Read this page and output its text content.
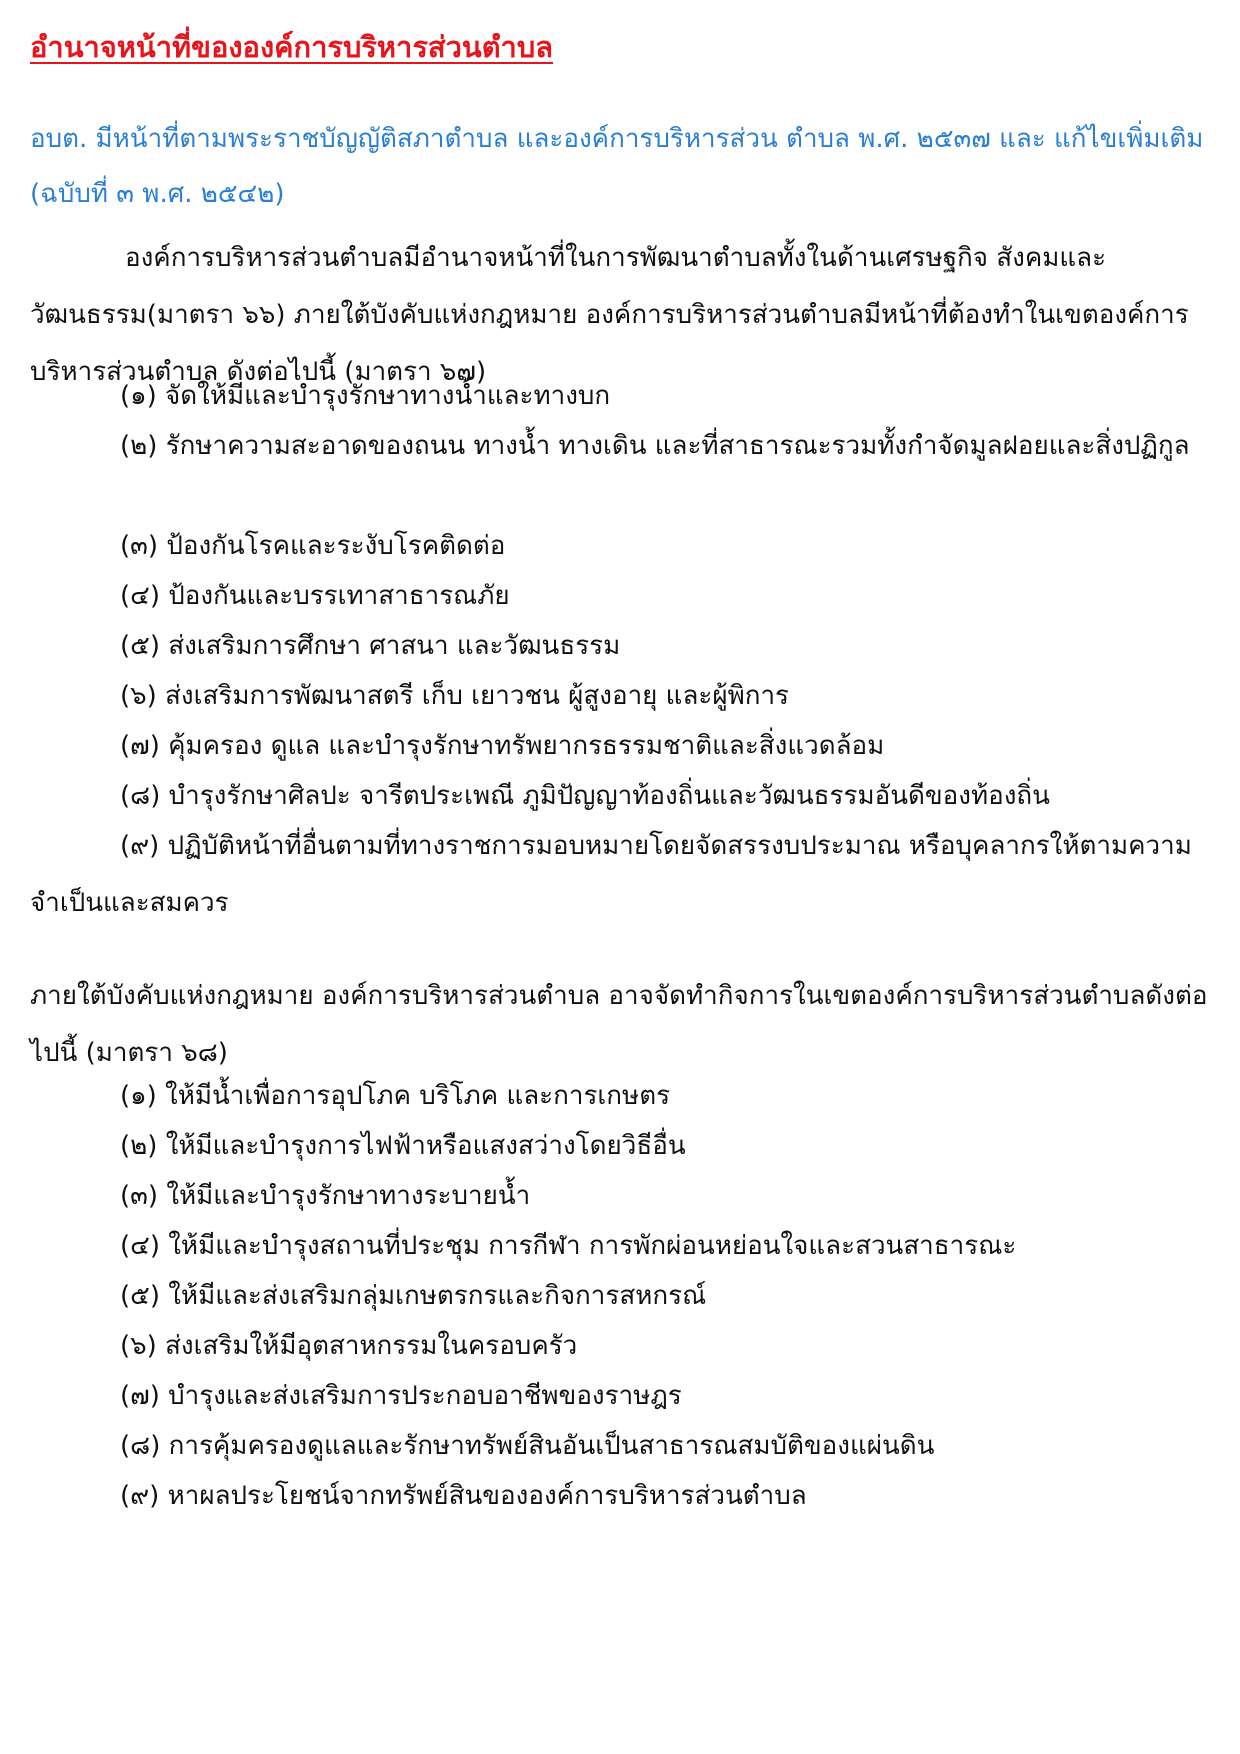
อำนาจหน้าที่ขององค์การบริหารส่วนตำบล
อบต. มีหน้าที่ตามพระราชบัญญัติสภาตำบล และองค์การบริหารส่วน ตำบล พ.ศ. ๒๕๓๗ และ แก้ไขเพิ่มเติม (ฉบับที่ ๓ พ.ศ. ๒๕๔๒)
องค์การบริหารส่วนตำบลมีอำนาจหน้าที่ในการพัฒนาตำบลทั้งในด้านเศรษฐกิจ สังคมและวัฒนธรรม(มาตรา ๖๖) ภายใต้บังคับแห่งกฎหมาย องค์การบริหารส่วนตำบลมีหน้าที่ต้องทำในเขตองค์การบริหารส่วนตำบล ดังต่อไปนี้ (มาตรา ๖๗)
(๑) จัดให้มีและบำรุงรักษาทางน้ำและทางบก
(๒) รักษาความสะอาดของถนน ทางน้ำ ทางเดิน และที่สาธารณะรวมทั้งกำจัดมูลฝอยและสิ่งปฏิกูล
(๓) ป้องกันโรคและระงับโรคติดต่อ
(๔) ป้องกันและบรรเทาสาธารณภัย
(๕) ส่งเสริมการศึกษา ศาสนา และวัฒนธรรม
(๖) ส่งเสริมการพัฒนาสตรี เก็บ เยาวชน ผู้สูงอายุ และผู้พิการ
(๗) คุ้มครอง ดูแล และบำรุงรักษาทรัพยากรธรรมชาติและสิ่งแวดล้อม
(๘) บำรุงรักษาศิลปะ จารีตประเพณี ภูมิปัญญาท้องถิ่นและวัฒนธรรมอันดีของท้องถิ่น
(๙) ปฏิบัติหน้าที่อื่นตามที่ทางราชการมอบหมายโดยจัดสรรงบประมาณ หรือบุคลากรให้ตามความจำเป็นและสมควร
ภายใต้บังคับแห่งกฎหมาย องค์การบริหารส่วนตำบล อาจจัดทำกิจการในเขตองค์การบริหารส่วนตำบลดังต่อไปนี้ (มาตรา ๖๘)
(๑) ให้มีน้ำเพื่อการอุปโภค บริโภค และการเกษตร
(๒) ให้มีและบำรุงการไฟฟ้าหรือแสงสว่างโดยวิธีอื่น
(๓) ให้มีและบำรุงรักษาทางระบายน้ำ
(๔) ให้มีและบำรุงสถานที่ประชุม การกีฬา การพักผ่อนหย่อนใจและสวนสาธารณะ
(๕) ให้มีและส่งเสริมกลุ่มเกษตรกรและกิจการสหกรณ์
(๖) ส่งเสริมให้มีอุตสาหกรรมในครอบครัว
(๗) บำรุงและส่งเสริมการประกอบอาชีพของราษฎร
(๘) การคุ้มครองดูแลและรักษาทรัพย์สินอันเป็นสาธารณสมบัติของแผ่นดิน
(๙) หาผลประโยชน์จากทรัพย์สินขององค์การบริหารส่วนตำบล
